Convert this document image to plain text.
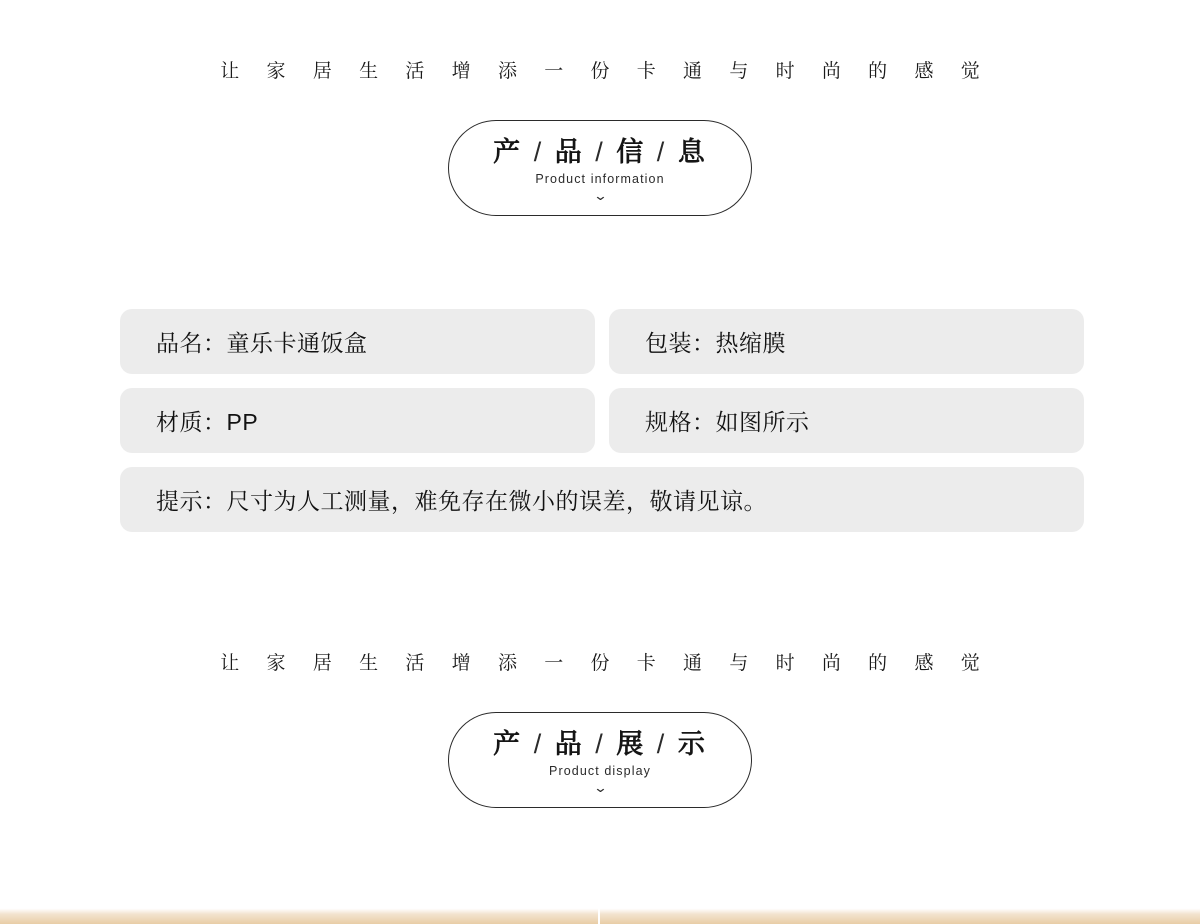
让 家 居 生 活 增 添 一 份 卡 通 与 时 尚 的 感 觉
产 / 品 / 信 / 息
Product information
⌄
品名：童乐卡通饭盒	包装：热缩膜
材质：PP	规格：如图所示
提示：尺寸为人工测量，难免存在微小的误差，敬请见谅。
让 家 居 生 活 增 添 一 份 卡 通 与 时 尚 的 感 觉
产 / 品 / 展 / 示
Product display
⌄
